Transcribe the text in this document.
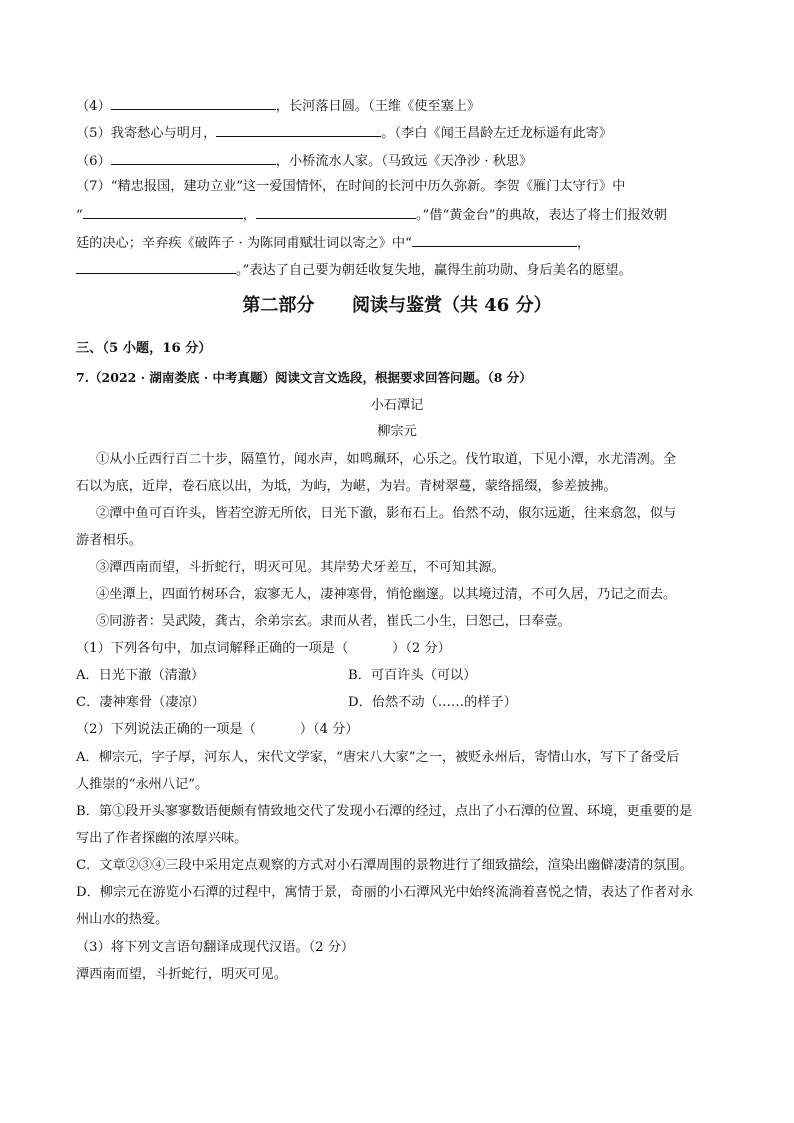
（4）	，长河落日圆。（王维《使至塞上》
（5）我寄愁心与明月，	。（李白《闻王昌龄左迁龙标遥有此寄》
（6）	，小桥流水人家。（马致远《天净沙 · 秋思》
（7）“精忠报国，建功立业”这一爱国情怀，在时间的长河中历久弥新。李贺《雁门太守行》中
“	，	。”借“黄金台”的典故，表达了将士们报效朝
廷的决心；辛弃疾《破阵子 · 为陈同甫赋壮词以寄之》中“	，
。”表达了自己要为朝廷收复失地，赢得生前功勋、身后美名的愿望。
第二部分      阅读与鉴赏（共 46 分）
三、（5 小题，16 分）
7.（2022 · 湖南娄底 · 中考真题）阅读文言文选段，根据要求回答问题。（8 分）
小石潭记
柳宗元
①从小丘西行百二十步，隔篁竹，闻水声，如鸣珮环，心乐之。伐竹取道，下见小潭，水尤清冽。全
石以为底，近岸，卷石底以出，为坻，为屿，为嵁，为岩。青树翠蔓，蒙络摇缀，参差披拂。
②潭中鱼可百许头，皆若空游无所依，日光下澈，影布石上。佁然不动，俶尔远逝，往来翕忽，似与
游者相乐。
③潭西南而望，斗折蛇行，明灭可见。其岸势犬牙差互，不可知其源。
④坐潭上，四面竹树环合，寂寥无人，凄神寒骨，悄怆幽邃。以其境过清，不可久居，乃记之而去。
⑤同游者：吴武陵，龚古，余弟宗玄。隶而从者，崔氏二小生，曰恕己，曰奉壹。
（1）下列各句中，加点词解释正确的一项是（	）（2 分）
A．日光下澈（清澈）	B．可百许头（可以）
C．凄神寒骨（凄凉）	D．佁然不动（……的样子）
（2）下列说法正确的一项是（	）（4 分）
A．柳宗元，字子厚，河东人，宋代文学家，“唐宋八大家”之一，被贬永州后，寄情山水，写下了备受后
人推崇的“永州八记”。
B．第①段开头寥寥数语便颇有情致地交代了发现小石潭的经过，点出了小石潭的位置、环境，更重要的是
写出了作者探幽的浓厚兴味。
C．文章②③④三段中采用定点观察的方式对小石潭周围的景物进行了细致描绘，渲染出幽僻凄清的氛围。
D．柳宗元在游览小石潭的过程中，寓情于景，奇丽的小石潭风光中始终流淌着喜悦之情，表达了作者对永
州山水的热爱。
（3）将下列文言语句翻译成现代汉语。（2 分）
潭西南而望，斗折蛇行，明灭可见。
